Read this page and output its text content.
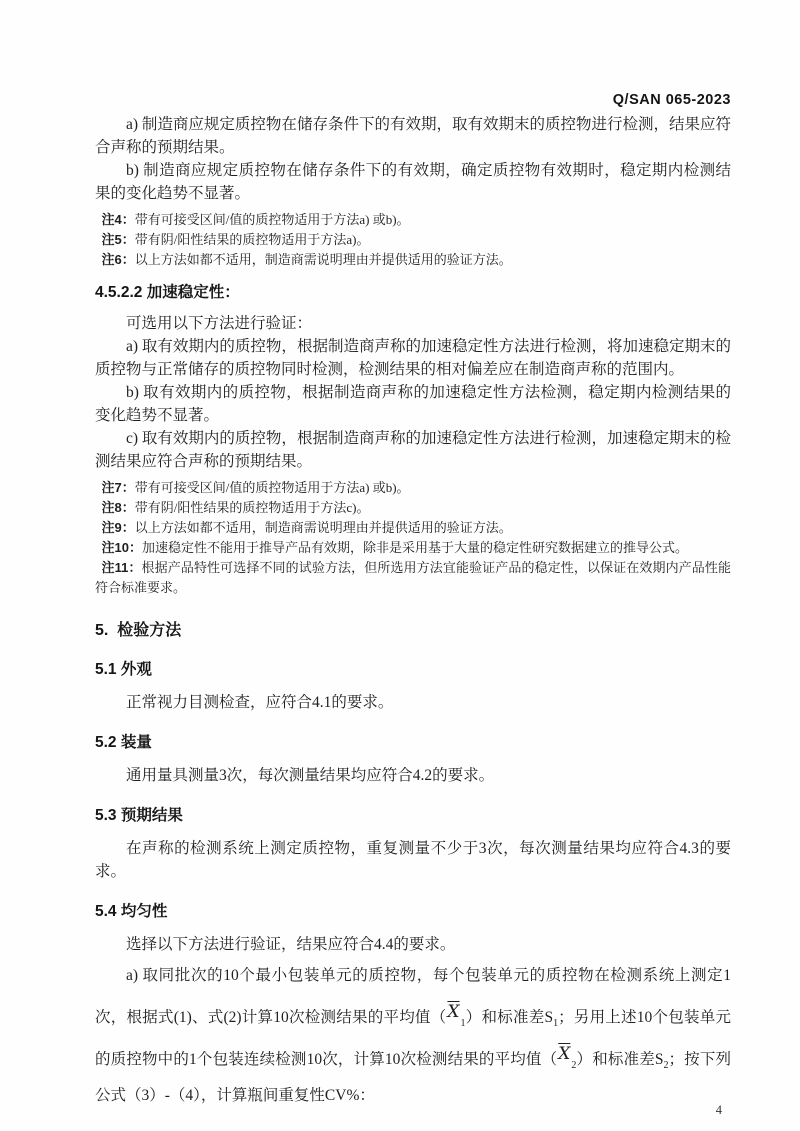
Q/SAN 065-2023

a) 制造商应规定质控物在储存条件下的有效期，取有效期末的质控物进行检测，结果应符合声称的预期结果。

b) 制造商应规定质控物在储存条件下的有效期，确定质控物有效期时，稳定期内检测结果的变化趋势不显著。

注4：带有可接受区间/值的质控物适用于方法a) 或b)。

注5：带有阴/阳性结果的质控物适用于方法a)。

注6：以上方法如都不适用，制造商需说明理由并提供适用的验证方法。

4.5.2.2 加速稳定性：

可选用以下方法进行验证：

a) 取有效期内的质控物，根据制造商声称的加速稳定性方法进行检测，将加速稳定期末的质控物与正常储存的质控物同时检测，检测结果的相对偏差应在制造商声称的范围内。

b) 取有效期内的质控物，根据制造商声称的加速稳定性方法检测，稳定期内检测结果的变化趋势不显著。

c) 取有效期内的质控物，根据制造商声称的加速稳定性方法进行检测，加速稳定期末的检测结果应符合声称的预期结果。

注7：带有可接受区间/值的质控物适用于方法a) 或b)。

注8：带有阴/阳性结果的质控物适用于方法c)。

注9：以上方法如都不适用，制造商需说明理由并提供适用的验证方法。

注10：加速稳定性不能用于推导产品有效期，除非是采用基于大量的稳定性研究数据建立的推导公式。

注11：根据产品特性可选择不同的试验方法，但所选用方法宜能验证产品的稳定性，以保证在效期内产品性能符合标准要求。

5.  检验方法
5.1 外观

正常视力目测检查，应符合4.1的要求。

5.2 装量

通用量具测量3次，每次测量结果均应符合4.2的要求。

5.3 预期结果

在声称的检测系统上测定质控物，重复测量不少于3次，每次测量结果均应符合4.3的要求。

5.4 均匀性

选择以下方法进行验证，结果应符合4.4的要求。

a) 取同批次的10个最小包装单元的质控物，每个包装单元的质控物在检测系统上测定1次，根据式(1)、式(2)计算10次检测结果的平均值$(\overline{X}_1)$和标准差$S_1$；另用上述10个包装单元的质控物中的1个包装连续检测10次，计算10次检测结果的平均值$(\overline{X}_2)$和标准差$S_2$；按下列公式（3）-（4），计算瓶间重复性CV%：

4
